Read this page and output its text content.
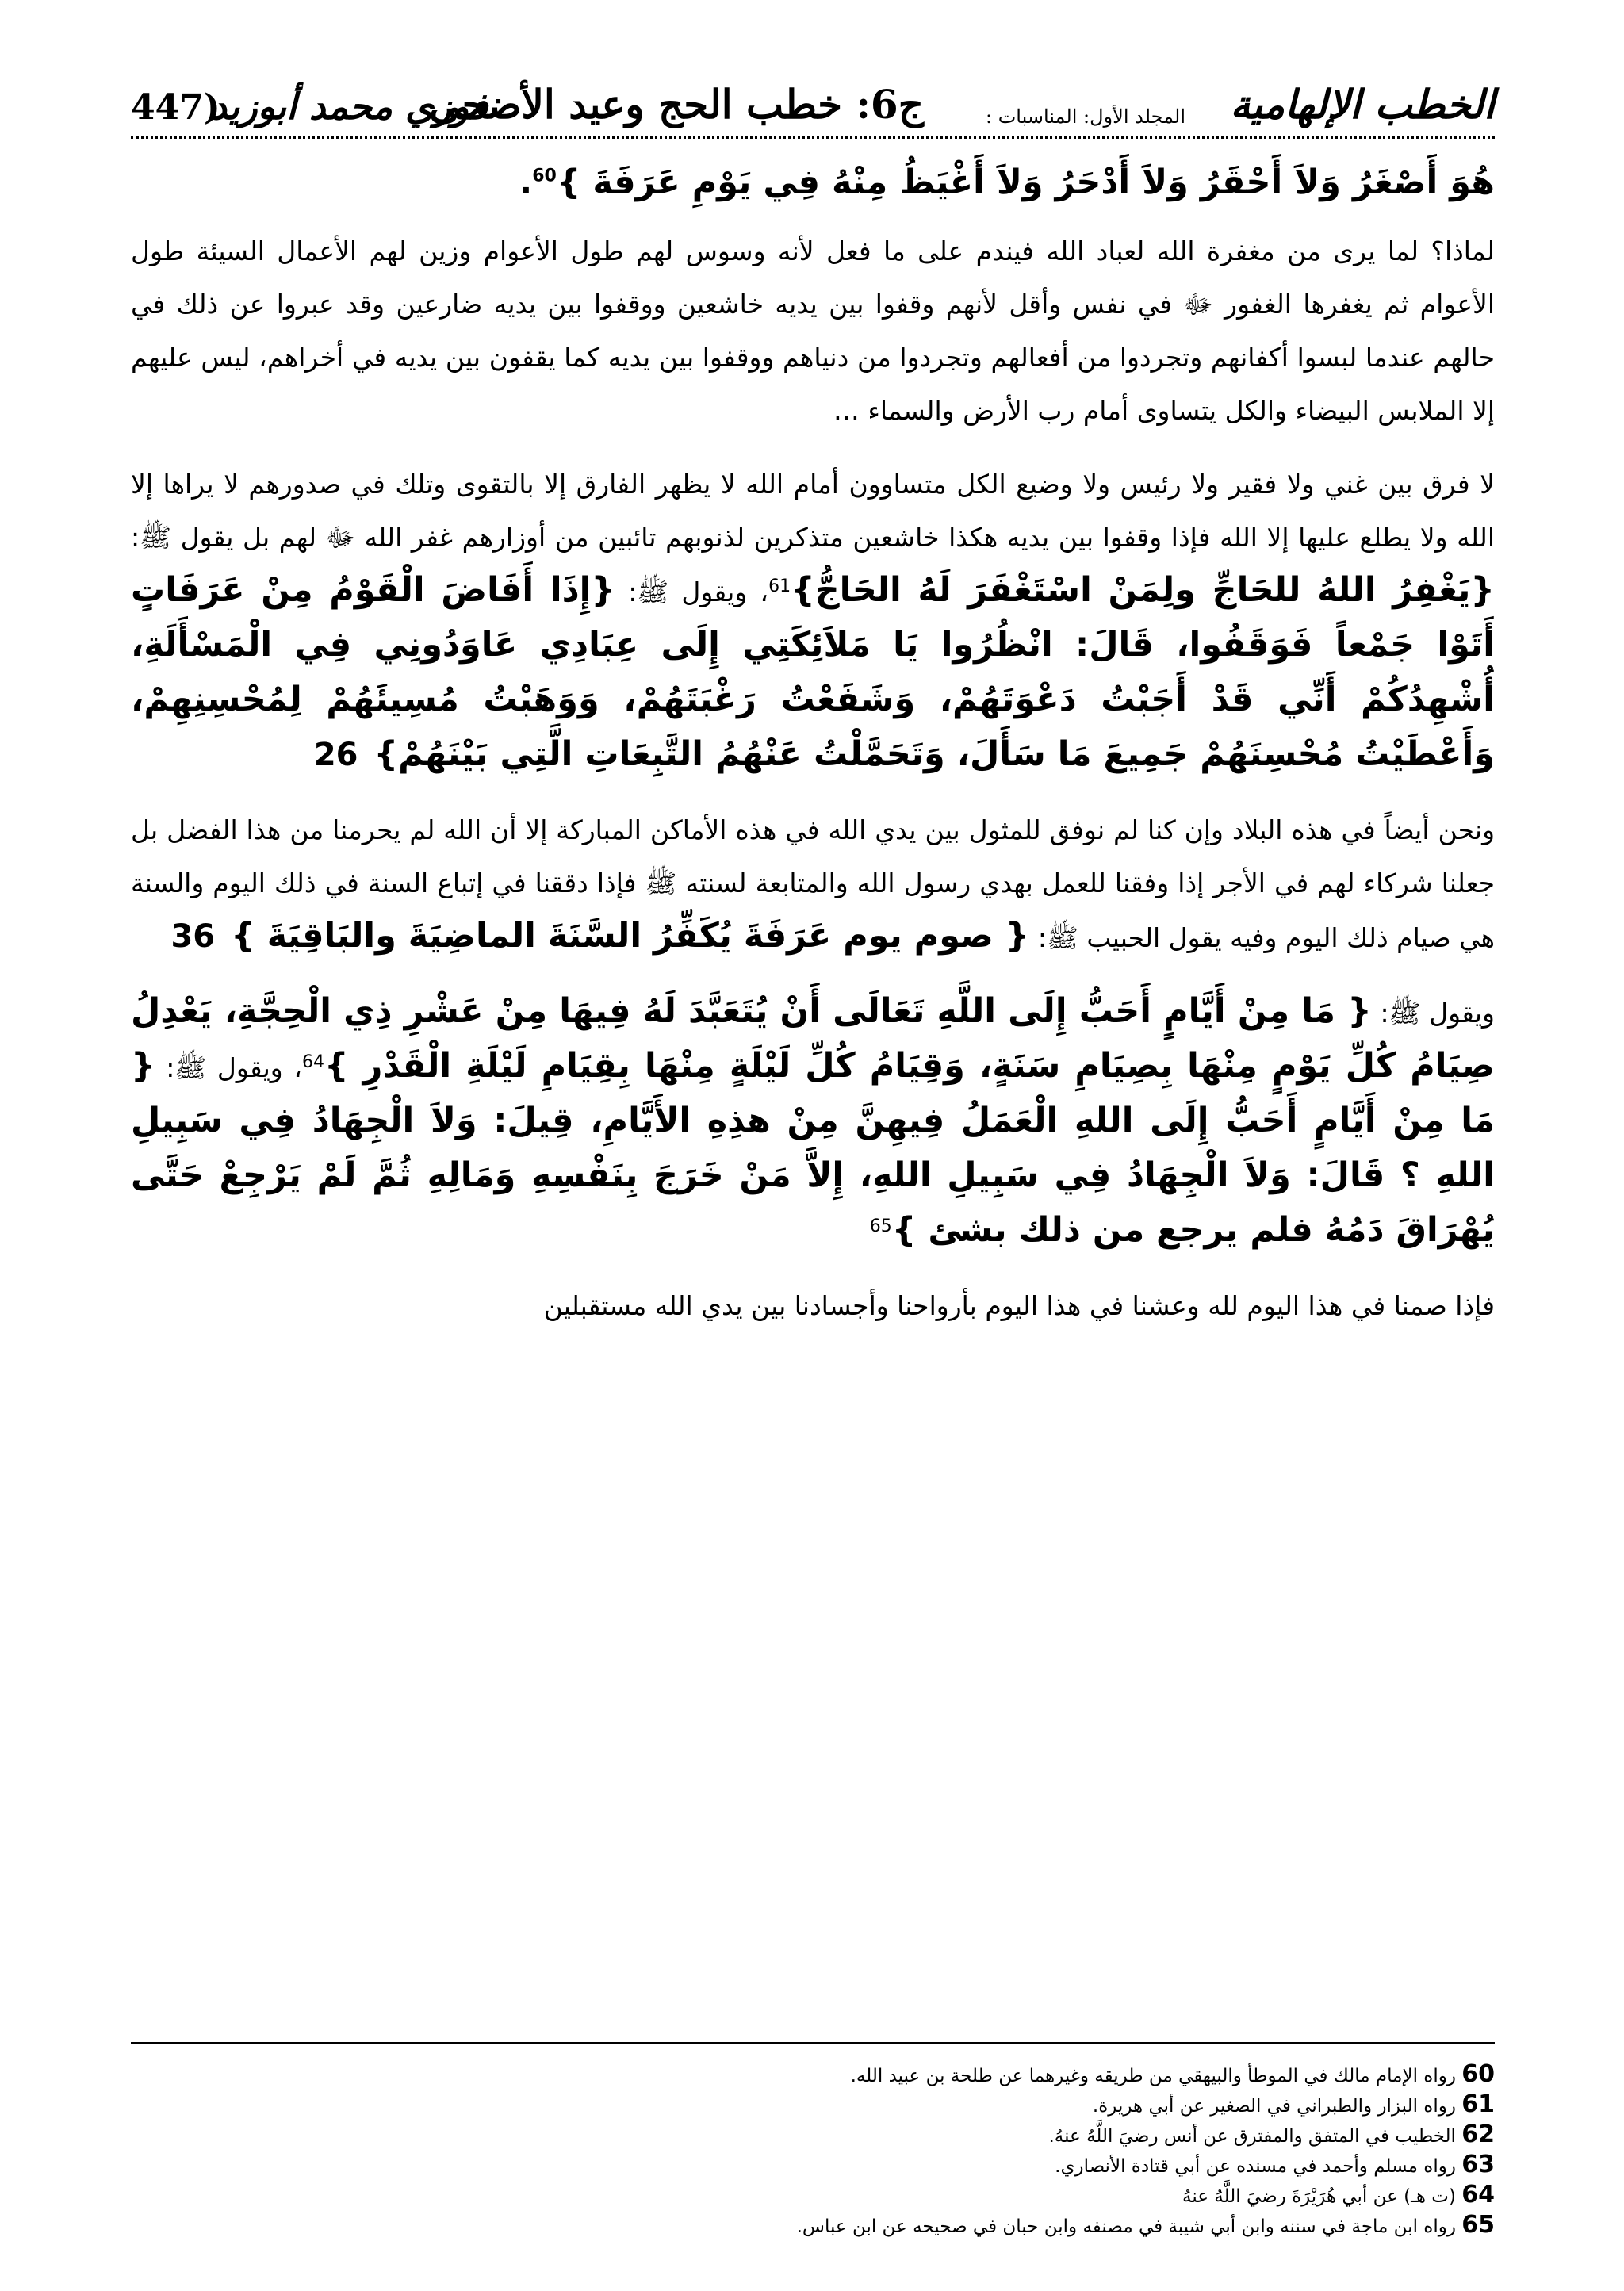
الخطب الإلهامية
المجلد الأول: المناسبات :
ج6: خطب الحج وعيد الأضحى
فوزي محمد أبوزيد
447)

هُوَ أَصْغَرُ وَلاَ أَحْقَرُ وَلاَ أَدْحَرُ وَلاَ أَغْيَظُ مِنْهُ فِي يَوْمِ عَرَفَةَ }$^{60}$.

لماذا؟ لما يرى من مغفرة الله لعباد الله فيندم على ما فعل لأنه وسوس لهم طول الأعوام وزين لهم الأعمال السيئة طول الأعوام ثم يغفرها الغفور ﷻ في نفس وأقل لأنهم وقفوا بين يديه خاشعين ووقفوا بين يديه ضارعين وقد عبروا عن ذلك في حالهم عندما لبسوا أكفانهم وتجردوا من أفعالهم وتجردوا من دنياهم ووقفوا بين يديه كما يقفون بين يديه في أخراهم، ليس عليهم إلا الملابس البيضاء والكل يتساوى أمام رب الأرض والسماء …

لا فرق بين غني ولا فقير ولا رئيس ولا وضيع الكل متساوون أمام الله لا يظهر الفارق إلا بالتقوى وتلك في صدورهم لا يراها إلا الله ولا يطلع عليها إلا الله فإذا وقفوا بين يديه هكذا خاشعين متذكرين لذنوبهم تائبين من أوزارهم غفر الله ﷻ لهم بل يقول ﷺ: {يَغْفِرُ اللهُ للحَاجِّ ولِمَنْ اسْتَغْفَرَ لَهُ الحَاجُّ}$^{61}$، ويقول ﷺ: {إِذَا أَفَاضَ الْقَوْمُ مِنْ عَرَفَاتٍ أَتَوْا جَمْعاً فَوَقَفُوا، قَالَ: انْظُرُوا يَا مَلاَئِكَتِي إِلَى عِبَادِي عَاوَدُونِي فِي الْمَسْأَلَةِ، أُشْهِدُكُمْ أَنِّي قَدْ أَجَبْتُ دَعْوَتَهُمْ، وَشَفَعْتُ رَغْبَتَهُمْ، وَوَهَبْتُ مُسِيئَهُمْ لِمُحْسِنِهِمْ، وَأَعْطَيْتُ مُحْسِنَهُمْ جَمِيعَ مَا سَأَلَ، وَتَحَمَّلْتُ عَنْهُمُ التَّبِعَاتِ الَّتِي بَيْنَهُمْ}26

ونحن أيضاً في هذه البلاد وإن كنا لم نوفق للمثول بين يدي الله في هذه الأماكن المباركة إلا أن الله لم يحرمنا من هذا الفضل بل جعلنا شركاء لهم في الأجر إذا وفقنا للعمل بهدي رسول الله والمتابعة لسنته ﷺ فإذا دققنا في إتباع السنة في ذلك اليوم والسنة هي صيام ذلك اليوم وفيه يقول الحبيب ﷺ: { صوم يوم عَرَفَةَ يُكَفِّرُ السَّنَةَ الماضِيَةَ والبَاقِيَةَ }36

ويقول ﷺ: { مَا مِنْ أَيَّامٍ أَحَبُّ إِلَى اللَّهِ تَعَالَى أَنْ يُتَعَبَّدَ لَهُ فِيهَا مِنْ عَشْرِ ذِي الْحِجَّةِ، يَعْدِلُ صِيَامُ كُلِّ يَوْمٍ مِنْهَا بِصِيَامِ سَنَةٍ، وَقِيَامُ كُلِّ لَيْلَةٍ مِنْهَا بِقِيَامِ لَيْلَةِ الْقَدْرِ }$^{64}$، ويقول ﷺ: { مَا مِنْ أَيَّامٍ أَحَبُّ إِلَى اللهِ الْعَمَلُ فِيهِنَّ مِنْ هذِهِ الأَيَّامِ، قِيلَ: وَلاَ الْجِهَادُ فِي سَبِيلِ اللهِ ؟ قَالَ: وَلاَ الْجِهَادُ فِي سَبِيلِ اللهِ، إِلاَّ مَنْ خَرَجَ بِنَفْسِهِ وَمَالِهِ ثُمَّ لَمْ يَرْجِعْ حَتَّى يُهْرَاقَ دَمُهُ فلم يرجع من ذلك بشئ }$^{65}$

فإذا صمنا في هذا اليوم لله وعشنا في هذا اليوم بأرواحنا وأجسادنا بين يدي الله مستقبلين

60 رواه الإمام مالك في الموطأ والبيهقي من طريقه وغيرهما عن طلحة بن عبيد الله.

61 رواه البزار والطبراني في الصغير عن أبي هريرة.

62 الخطيب في المتفق والمفترق عن أنس رضيَ اللَّهُ عنهُ.

63 رواه مسلم وأحمد في مسنده عن أبي قتادة الأنصاري.

64 (ت هـ) عن أبي هُرَيْرَةَ رضيَ اللَّهُ عنهُ

65 رواه ابن ماجة في سننه وابن أبي شيبة في مصنفه وابن حبان في صحيحه عن ابن عباس.
